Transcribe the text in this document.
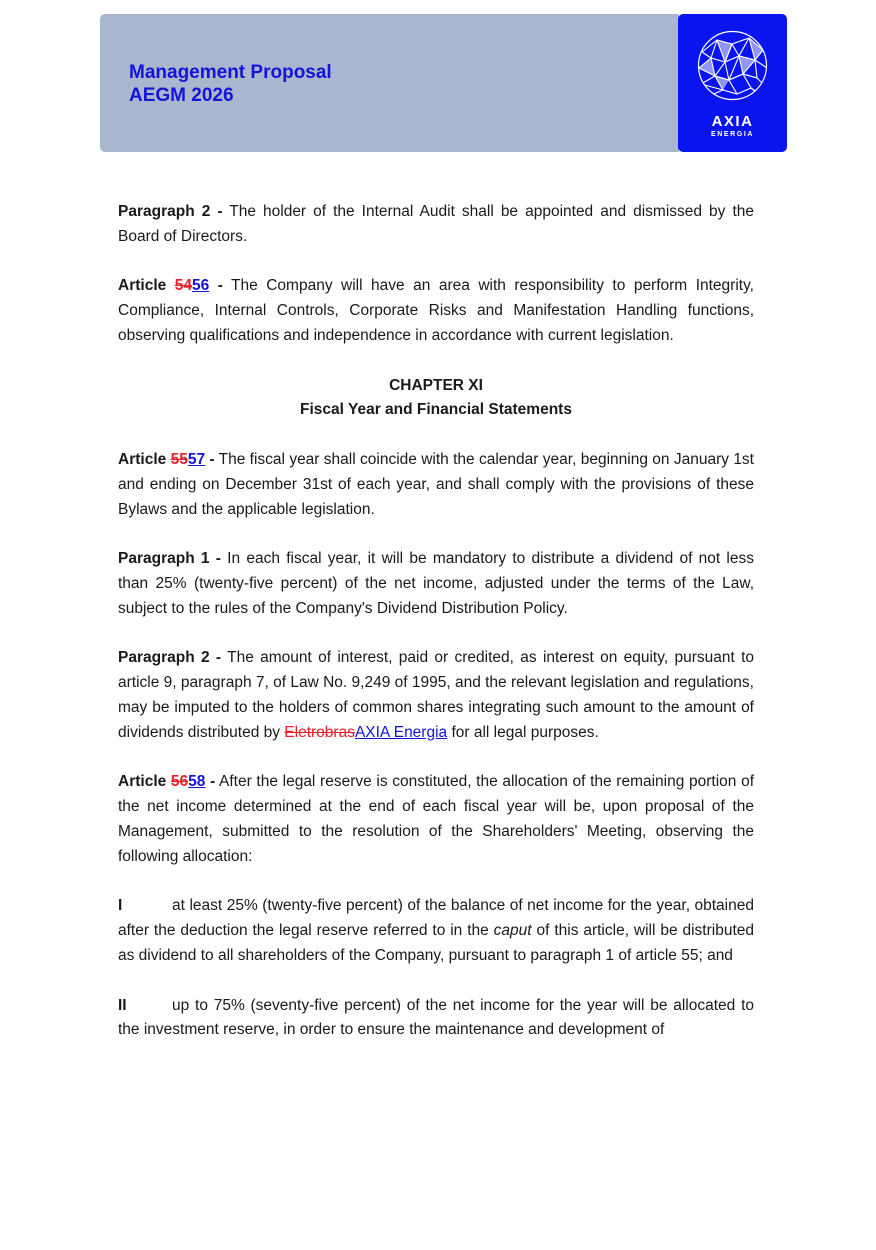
Management Proposal
AEGM 2026
AXIA
ENERGIA

Paragraph 2 - The holder of the Internal Audit shall be appointed and dismissed by the Board of Directors.

Article 5456 - The Company will have an area with responsibility to perform Integrity, Compliance, Internal Controls, Corporate Risks and Manifestation Handling functions, observing qualifications and independence in accordance with current legislation.

CHAPTER XI

Fiscal Year and Financial Statements

Article 5557 - The fiscal year shall coincide with the calendar year, beginning on January 1st and ending on December 31st of each year, and shall comply with the provisions of these Bylaws and the applicable legislation.

Paragraph 1 - In each fiscal year, it will be mandatory to distribute a dividend of not less than 25% (twenty-five percent) of the net income, adjusted under the terms of the Law, subject to the rules of the Company's Dividend Distribution Policy.

Paragraph 2 - The amount of interest, paid or credited, as interest on equity, pursuant to article 9, paragraph 7, of Law No. 9,249 of 1995, and the relevant legislation and regulations, may be imputed to the holders of common shares integrating such amount to the amount of dividends distributed by EletrobrasAXIA Energia for all legal purposes.

Article 5658 - After the legal reserve is constituted, the allocation of the remaining portion of the net income determined at the end of each fiscal year will be, upon proposal of the Management, submitted to the resolution of the Shareholders' Meeting, observing the following allocation:

I	at least 25% (twenty-five percent) of the balance of net income for the year, obtained after the deduction the legal reserve referred to in the caput of this article, will be distributed as dividend to all shareholders of the Company, pursuant to paragraph 1 of article 55; and

II	up to 75% (seventy-five percent) of the net income for the year will be allocated to the investment reserve, in order to ensure the maintenance and development of
